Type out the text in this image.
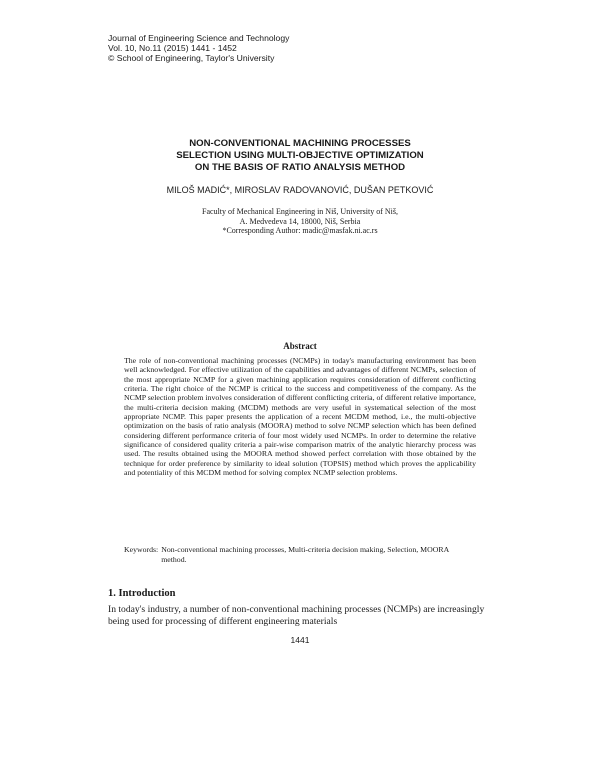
Journal of Engineering Science and Technology
Vol. 10, No.11 (2015) 1441 - 1452
© School of Engineering, Taylor's University
NON-CONVENTIONAL MACHINING PROCESSES
SELECTION USING MULTI-OBJECTIVE OPTIMIZATION
ON THE BASIS OF RATIO ANALYSIS METHOD
MILOŠ MADIĆ*, MIROSLAV RADOVANOVIĆ, DUŠAN PETKOVIĆ
Faculty of Mechanical Engineering in Niš, University of Niš,
A. Medvedeva 14, 18000, Niš, Serbia
*Corresponding Author: madic@masfak.ni.ac.rs
Abstract

The role of non-conventional machining processes (NCMPs) in today's manufacturing environment has been well acknowledged. For effective utilization of the capabilities and advantages of different NCMPs, selection of the most appropriate NCMP for a given machining application requires consideration of different conflicting criteria. The right choice of the NCMP is critical to the success and competitiveness of the company. As the NCMP selection problem involves consideration of different conflicting criteria, of different relative importance, the multi-criteria decision making (MCDM) methods are very useful in systematical selection of the most appropriate NCMP. This paper presents the application of a recent MCDM method, i.e., the multi-objective optimization on the basis of ratio analysis (MOORA) method to solve NCMP selection which has been defined considering different performance criteria of four most widely used NCMPs. In order to determine the relative significance of considered quality criteria a pair-wise comparison matrix of the analytic hierarchy process was used. The results obtained using the MOORA method showed perfect correlation with those obtained by the technique for order preference by similarity to ideal solution (TOPSIS) method which proves the applicability and potentiality of this MCDM method for solving complex NCMP selection problems.

Keywords: Non-conventional machining processes, Multi-criteria decision making, Selection, MOORA method.
1. Introduction

In today's industry, a number of non-conventional machining processes (NCMPs) are increasingly being used for processing of different engineering materials

1441
